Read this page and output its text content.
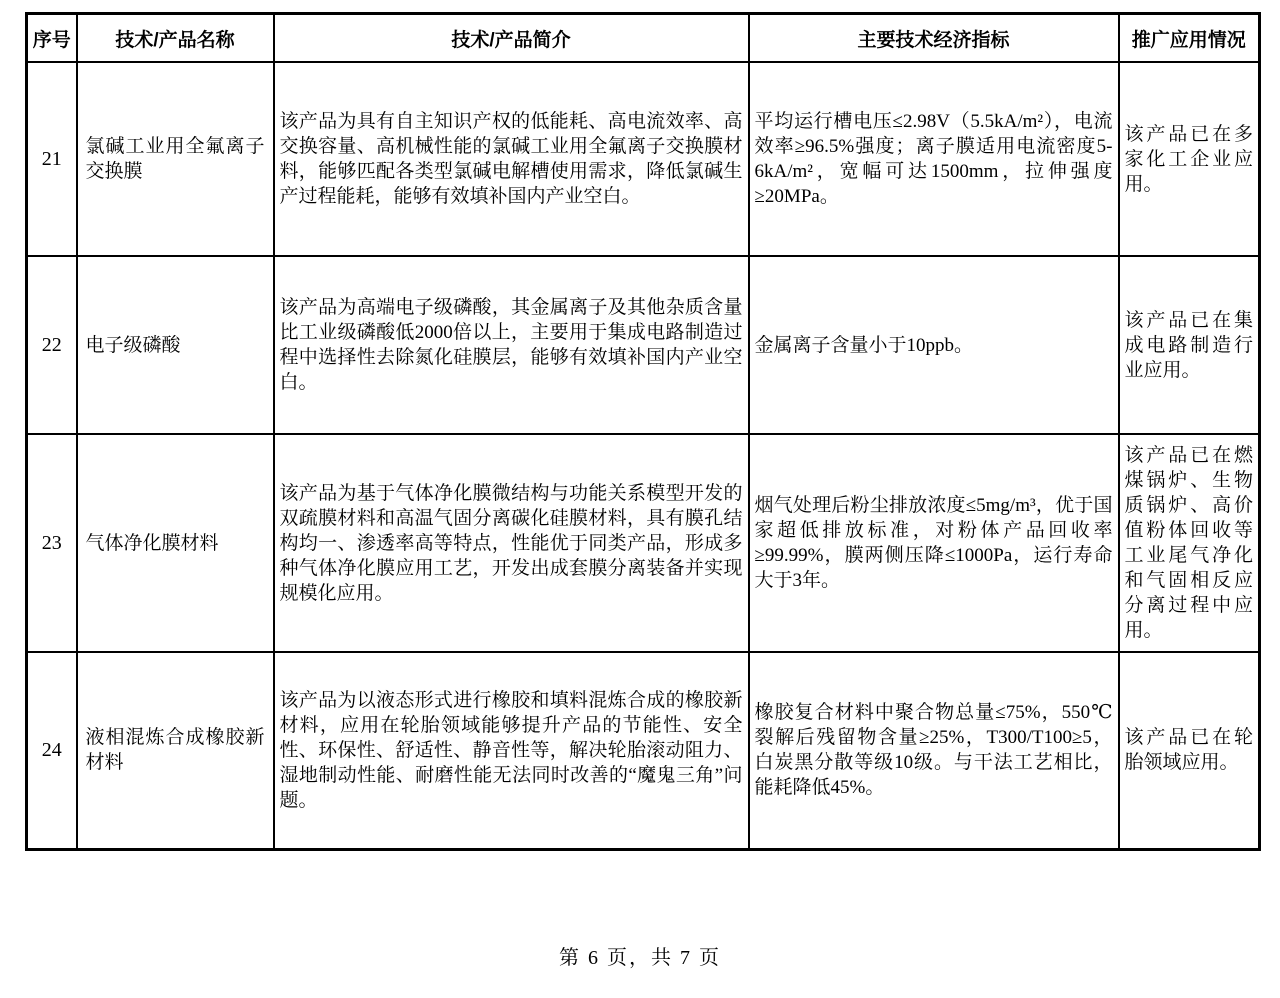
序号	技术/产品名称	技术/产品简介	主要技术经济指标	推广应用情况
21	氯碱工业用全氟离子交换膜	该产品为具有自主知识产权的低能耗、高电流效率、高交换容量、高机械性能的氯碱工业用全氟离子交换膜材料，能够匹配各类型氯碱电解槽使用需求，降低氯碱生产过程能耗，能够有效填补国内产业空白。	平均运行槽电压≤2.98V（5.5kA/m²），电流效率≥96.5%强度；离子膜适用电流密度5-6kA/m²，宽幅可达1500mm，拉伸强度≥20MPa。	该产品已在多家化工企业应用。
22	电子级磷酸	该产品为高端电子级磷酸，其金属离子及其他杂质含量比工业级磷酸低2000倍以上，主要用于集成电路制造过程中选择性去除氮化硅膜层，能够有效填补国内产业空白。	金属离子含量小于10ppb。	该产品已在集成电路制造行业应用。
23	气体净化膜材料	该产品为基于气体净化膜微结构与功能关系模型开发的双疏膜材料和高温气固分离碳化硅膜材料，具有膜孔结构均一、渗透率高等特点，性能优于同类产品，形成多种气体净化膜应用工艺，开发出成套膜分离装备并实现规模化应用。	烟气处理后粉尘排放浓度≤5mg/m³，优于国家超低排放标准，对粉体产品回收率≥99.99%，膜两侧压降≤1000Pa，运行寿命大于3年。	该产品已在燃煤锅炉、生物质锅炉、高价值粉体回收等工业尾气净化和气固相反应分离过程中应用。
24	液相混炼合成橡胶新材料	该产品为以液态形式进行橡胶和填料混炼合成的橡胶新材料，应用在轮胎领域能够提升产品的节能性、安全性、环保性、舒适性、静音性等，解决轮胎滚动阻力、湿地制动性能、耐磨性能无法同时改善的“魔鬼三角”问题。	橡胶复合材料中聚合物总量≤75%，550℃裂解后残留物含量≥25%，T300/T100≥5，白炭黑分散等级10级。与干法工艺相比，能耗降低45%。	该产品已在轮胎领域应用。
第 6 页，共 7 页
